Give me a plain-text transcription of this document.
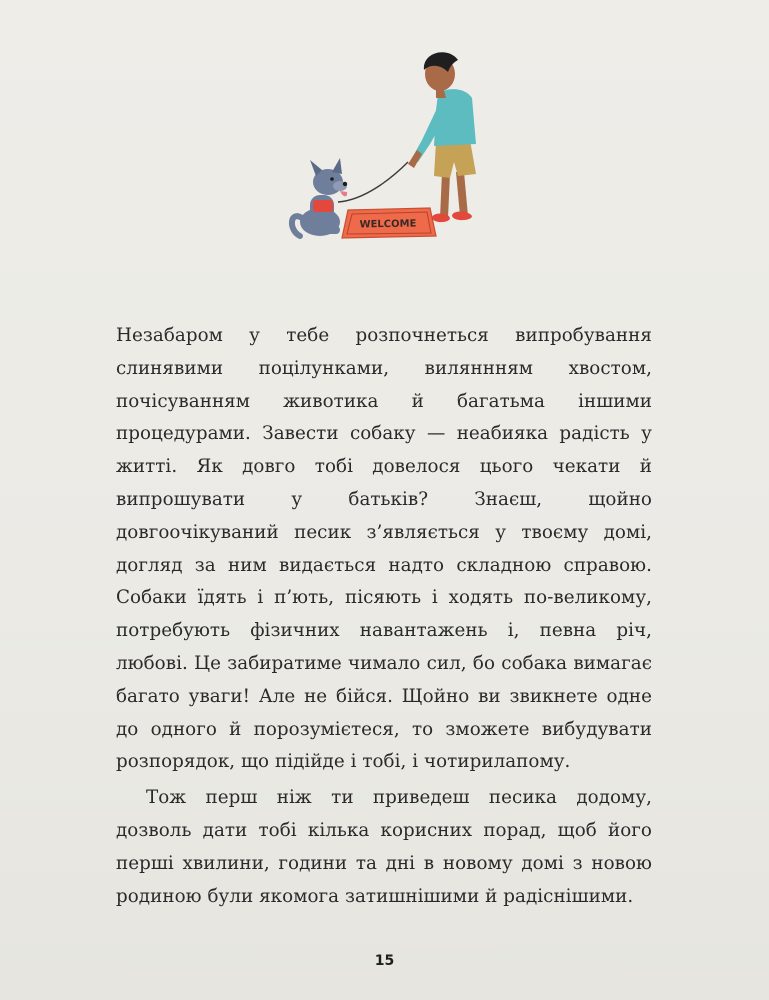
WELCOME

Незабаром у тебе розпочнеться випробування слинявими поцілунками, виляннням хвостом, почісуванням животика й багатьма іншими процедурами. Завести собаку — неабияка радість у житті. Як довго тобі довелося цього чекати й випрошувати у батьків? Знаєш, щойно довгоочікуваний песик з’являється у твоєму домі, догляд за ним видається надто складною справою. Собаки їдять і п’ють, пісяють і ходять по-великому, потребують фізичних навантажень і, певна річ, любові. Це забиратиме чимало сил, бо собака вимагає багато уваги! Але не бійся. Щойно ви звикнете одне до одного й порозумієтеся, то зможете вибудувати розпорядок, що підійде і тобі, і чотирилапому.

Тож перш ніж ти приведеш песика додому, дозволь дати тобі кілька корисних порад, щоб його перші хвилини, години та дні в новому домі з новою родиною були якомога затишнішими й радіснішими.

15
